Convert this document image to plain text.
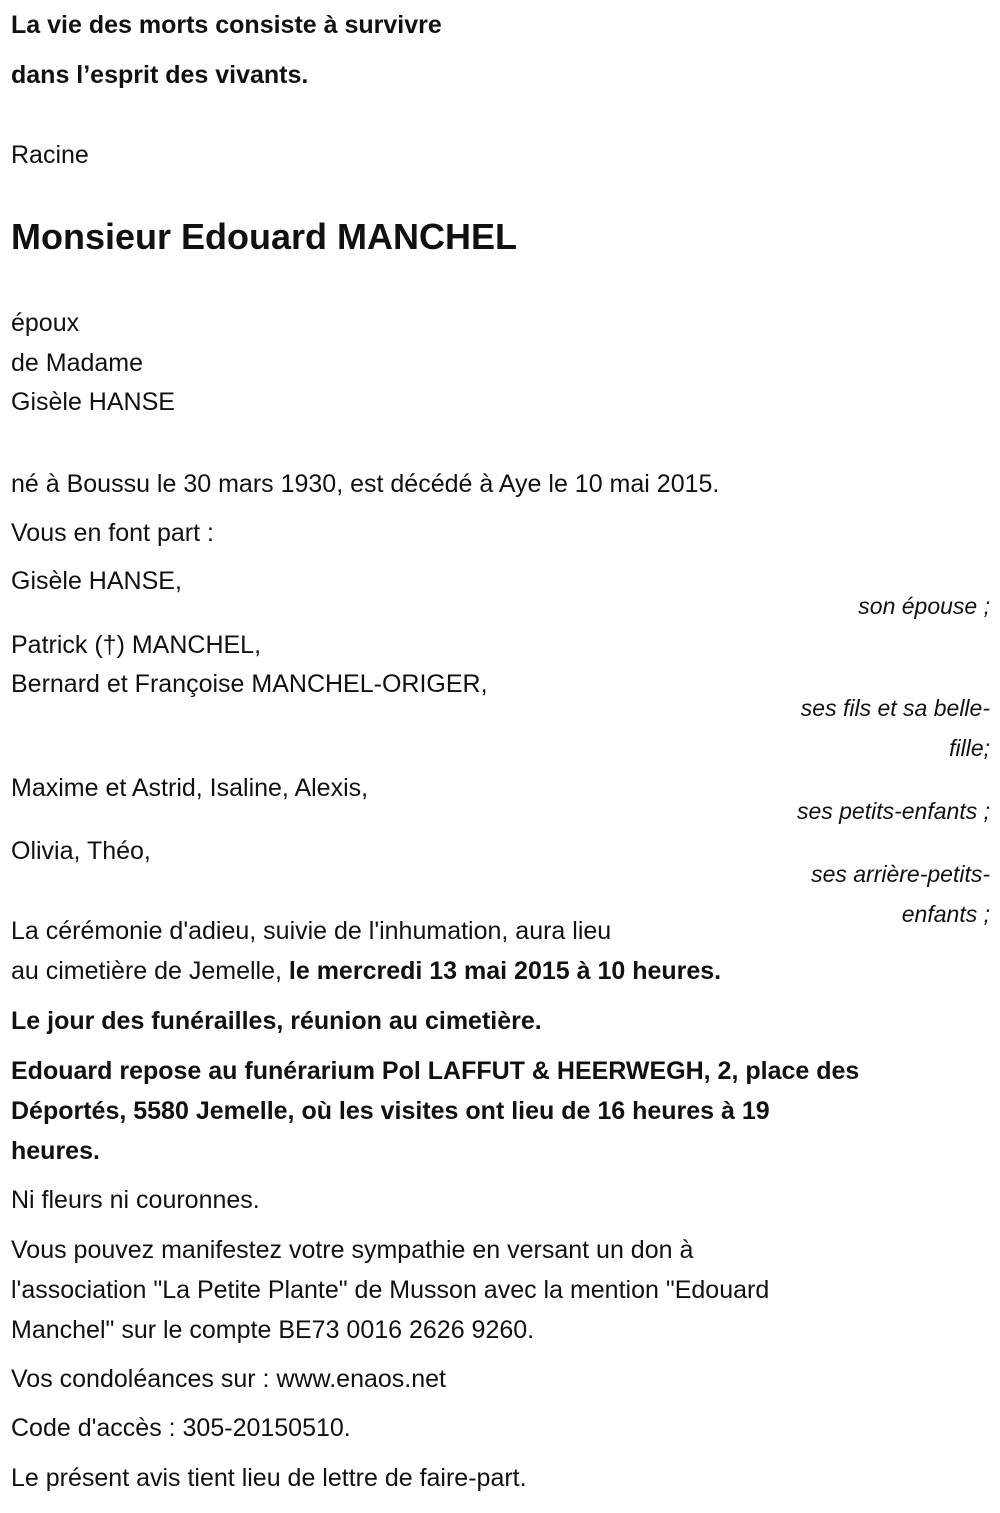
La vie des morts consiste à survivre
dans l’esprit des vivants.
Racine
Monsieur Edouard MANCHEL
époux
de Madame
Gisèle HANSE
né à Boussu le 30 mars 1930, est décédé à Aye le 10 mai 2015.
Vous en font part :
Gisèle HANSE,
son épouse ;
Patrick (†) MANCHEL,
Bernard et Françoise MANCHEL-ORIGER,
ses fils et sa belle-
fille;
Maxime et Astrid, Isaline, Alexis,
ses petits-enfants ;
Olivia, Théo,
ses arrière-petits-
enfants ;
La cérémonie d'adieu, suivie de l'inhumation, aura lieu
au cimetière de Jemelle, le mercredi 13 mai 2015 à 10 heures.
Le jour des funérailles, réunion au cimetière.
Edouard repose au funérarium Pol LAFFUT & HEERWEGH, 2, place des
Déportés, 5580 Jemelle, où les visites ont lieu de 16 heures à 19
heures.
Ni fleurs ni couronnes.
Vous pouvez manifestez votre sympathie en versant un don à
l'association "La Petite Plante" de Musson avec la mention "Edouard
Manchel" sur le compte BE73 0016 2626 9260.
Vos condoléances sur : www.enaos.net
Code d'accès : 305-20150510.
Le présent avis tient lieu de lettre de faire-part.
